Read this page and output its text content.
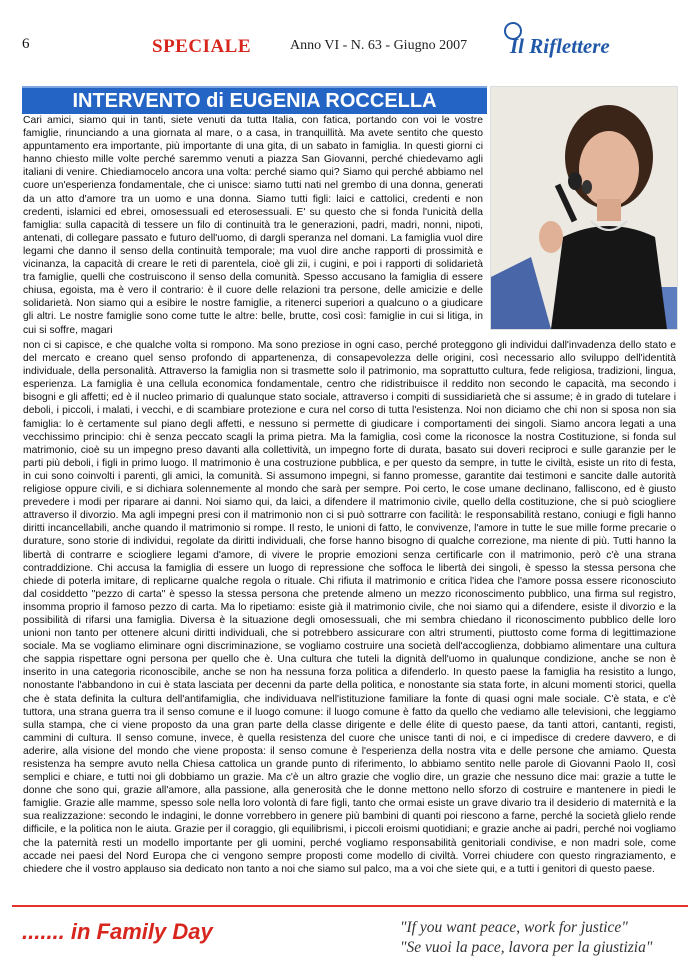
6	SPECIALE	Anno VI - N. 63 - Giugno 2007 Il Riflettere
INTERVENTO di EUGENIA ROCCELLA
Cari amici, siamo qui in tanti, siete venuti da tutta Italia, con fatica, portando con voi le vostre famiglie, rinunciando a una giornata al mare, o a casa, in tranquillità. Ma avete sentito che questo appuntamento era importante, più importante di una gita, di un sabato in famiglia. In questi giorni ci hanno chiesto mille volte perché saremmo venuti a piazza San Giovanni, perché chiedevamo agli italiani di venire. Chiediamocelo ancora una volta: perché siamo qui? Siamo qui perché abbiamo nel cuore un'esperienza fondamentale, che ci unisce: siamo tutti nati nel grembo di una donna, generati da un atto d'amore tra un uomo e una donna. Siamo tutti figli: laici e cattolici, credenti e non credenti, islamici ed ebrei, omosessuali ed eterosessuali. E' su questo che si fonda l'unicità della famiglia: sulla capacità di tessere un filo di continuità tra le generazioni, padri, madri, nonni, nipoti, antenati, di collegare passato e futuro dell'uomo, di dargli speranza nel domani. La famiglia vuol dire legami che danno il senso della continuità temporale; ma vuol dire anche rapporti di prossimità e vicinanza, la capacità di creare le reti di parentela, cioè gli zii, i cugini, e poi i rapporti di solidarietà tra famiglie, quelli che costruiscono il senso della comunità. Spesso accusano la famiglia di essere chiusa, egoista, ma è vero il contrario: è il cuore delle relazioni tra persone, delle amicizie e delle solidarietà. Non siamo qui a esibire le nostre famiglie, a ritenerci superiori a qualcuno o a giudicare gli altri. Le nostre famiglie sono come tutte le altre: belle, brutte, così così: famiglie in cui si litiga, in cui si soffre, magari
non ci si capisce, e che qualche volta si rompono. Ma sono preziose in ogni caso, perché proteggono gli individui dall'invadenza dello stato e del mercato e creano quel senso profondo di appartenenza, di consapevolezza delle origini, così necessario allo sviluppo dell'identità individuale, della personalità. Attraverso la famiglia non si trasmette solo il patrimonio, ma soprattutto cultura, fede religiosa, tradizioni, lingua, esperienza. La famiglia è una cellula economica fondamentale, centro che ridistribuisce il reddito non secondo le capacità, ma secondo i bisogni e gli affetti; ed è il nucleo primario di qualunque stato sociale, attraverso i compiti di sussidiarietà che si assume; è in grado di tutelare i deboli, i piccoli, i malati, i vecchi, e di scambiare protezione e cura nel corso di tutta l'esistenza. Noi non diciamo che chi non si sposa non sia famiglia: lo è certamente sul piano degli affetti, e nessuno si permette di giudicare i comportamenti dei singoli. Siamo ancora legati a una vecchissimo principio: chi è senza peccato scagli la prima pietra. Ma la famiglia, così come la riconosce la nostra Costituzione, si fonda sul matrimonio, cioè su un impegno preso davanti alla collettività, un impegno forte di durata, basato sui doveri reciproci e sulle garanzie per le parti più deboli, i figli in primo luogo. Il matrimonio è una costruzione pubblica, e per questo da sempre, in tutte le civiltà, esiste un rito di festa, in cui sono coinvolti i parenti, gli amici, la comunità. Si assumono impegni, si fanno promesse, garantite dai testimoni e sancite dalle autorità religiose oppure civili, e si dichiara solennemente al mondo che sarà per sempre. Poi certo, le cose umane declinano, falliscono, ed è giusto prevedere i modi per riparare ai danni. Noi siamo qui, da laici, a difendere il matrimonio civile, quello della costituzione, che si può sciogliere attraverso il divorzio. Ma agli impegni presi con il matrimonio non ci si può sottrarre con facilità: le responsabilità restano, coniugi e figli hanno diritti incancellabili, anche quando il matrimonio si rompe. Il resto, le unioni di fatto, le convivenze, l'amore in tutte le sue mille forme precarie o durature, sono storie di individui, regolate da diritti individuali, che forse hanno bisogno di qualche correzione, ma niente di più. Tutti hanno la libertà di contrarre e sciogliere legami d'amore, di vivere le proprie emozioni senza certificarle con il matrimonio, però c'è una strana contraddizione. Chi accusa la famiglia di essere un luogo di repressione che soffoca le libertà dei singoli, è spesso la stessa persona che chiede di poterla imitare, di replicarne qualche regola o rituale. Chi rifiuta il matrimonio e critica l'idea che l'amore possa essere riconosciuto dal cosiddetto "pezzo di carta" è spesso la stessa persona che pretende almeno un mezzo riconoscimento pubblico, una firma sul registro, insomma proprio il famoso pezzo di carta. Ma lo ripetiamo: esiste già il matrimonio civile, che noi siamo qui a difendere, esiste il divorzio e la possibilità di rifarsi una famiglia. Diversa è la situazione degli omosessuali, che mi sembra chiedano il riconoscimento pubblico delle loro unioni non tanto per ottenere alcuni diritti individuali, che si potrebbero assicurare con altri strumenti, piuttosto come forma di legittimazione sociale. Ma se vogliamo eliminare ogni discriminazione, se vogliamo costruire una società dell'accoglienza, dobbiamo alimentare una cultura che sappia rispettare ogni persona per quello che è. Una cultura che tuteli la dignità dell'uomo in qualunque condizione, anche se non è inserito in una categoria riconoscibile, anche se non ha nessuna forza politica a difenderlo. In questo paese la famiglia ha resistito a lungo, nonostante l'abbandono in cui è stata lasciata per decenni da parte della politica, e nonostante sia stata forte, in alcuni momenti storici, quella che è stata definita la cultura dell'antifamiglia, che individuava nell'istituzione familiare la fonte di quasi ogni male sociale. C'è stata, e c'è tuttora, una strana guerra tra il senso comune e il luogo comune: il luogo comune è fatto da quello che vediamo alle televisioni, che leggiamo sulla stampa, che ci viene proposto da una gran parte della classe dirigente e delle élite di questo paese, da tanti attori, cantanti, registi, cammini di cultura. Il senso comune, invece, è quella resistenza del cuore che unisce tanti di noi, e ci impedisce di credere davvero, e di aderire, alla visione del mondo che viene proposta: il senso comune è l'esperienza della nostra vita e delle persone che amiamo. Questa resistenza ha sempre avuto nella Chiesa cattolica un grande punto di riferimento, lo abbiamo sentito nelle parole di Giovanni Paolo II, così semplici e chiare, e tutti noi gli dobbiamo un grazie. Ma c'è un altro grazie che voglio dire, un grazie che nessuno dice mai: grazie a tutte le donne che sono qui, grazie all'amore, alla passione, alla generosità che le donne mettono nello sforzo di costruire e mantenere in piedi le famiglie. Grazie alle mamme, spesso sole nella loro volontà di fare figli, tanto che ormai esiste un grave divario tra il desiderio di maternità e la sua realizzazione: secondo le indagini, le donne vorrebbero in genere più bambini di quanti poi riescono a farne, perché la società glielo rende difficile, e la politica non le aiuta. Grazie per il coraggio, gli equilibrismi, i piccoli eroismi quotidiani; e grazie anche ai padri, perché noi vogliamo che la paternità resti un modello importante per gli uomini, perché vogliamo responsabilità genitoriali condivise, e non madri sole, come accade nei paesi del Nord Europa che ci vengono sempre proposti come modello di civiltà. Vorrei chiudere con questo ringraziamento, e chiedere che il vostro applauso sia dedicato non tanto a noi che siamo sul palco, ma a voi che siete qui, e a tutti i genitori di questo paese.
....... in Family Day	"If you want peace, work for justice"
"Se vuoi la pace, lavora per la giustizia"
